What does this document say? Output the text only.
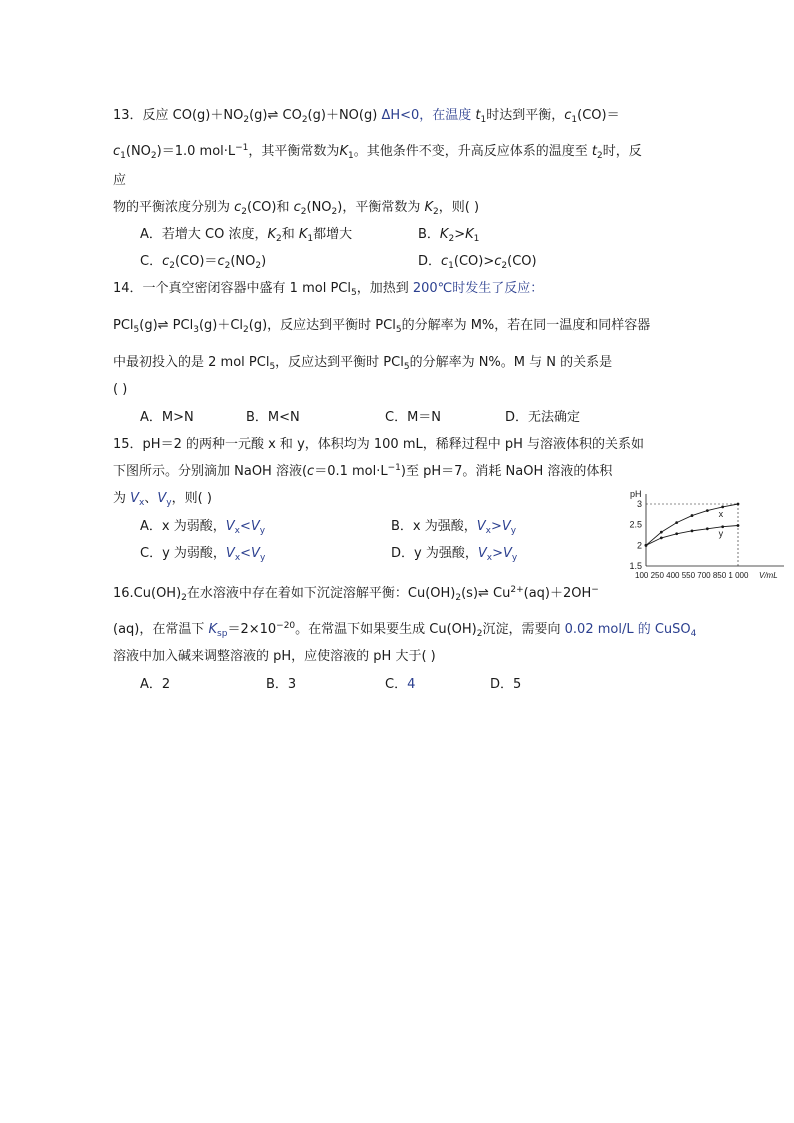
13．反应 $CO(g)+NO_2(g)\rightleftharpoons$ $CO_2(g)+NO(g)$ ΔH<0，在温度 $t_1$时达到平衡，$c_1(CO)=$
$c_1(NO_2)=1.0$ $mol\cdot L^{-1}$，其平衡常数为$K_1$。其他条件不变，升高反应体系的温度至 $t_2$时，反
应
物的平衡浓度分别为 $c_2(CO)$和 $c_2(NO_2)$，平衡常数为 $K_2$，则( )
A．若增大 CO 浓度，$K_2$和 $K_1$都增大	B．$K_2>K_1$
C．$c_2(CO)=c_2(NO_2)$	D．$c_1(CO)>c_2(CO)$
14．一个真空密闭容器中盛有 1 mol PCl$_5$，加热到 200℃时发生了反应：
PCl$_5$(g)⇌ $PCl_3(g)+Cl_2(g)$，反应达到平衡时 PCl$_5$的分解率为 M%，若在同一温度和同样容器
中最初投入的是 2 mol PCl$_5$，反应达到平衡时 PCl$_5$的分解率为 N%。M 与 N 的关系是
( )
A．M>N	B．M<N	C．M＝N	D．无法确定
15．pH＝2 的两种一元酸 x 和 y，体积均为 100 mL，稀释过程中 pH 与溶液体积的关系如
下图所示。分别滴加 NaOH 溶液(c＝0.1 $mol\cdot L^{-1}$)至 pH＝7。消耗 NaOH 溶液的体积
为 $V_x$、$V_y$，则( )
A．x 为弱酸，$V_x<V_y$	B．x 为强酸，$V_x>V_y$
C．y 为弱酸，$V_x<V_y$	D．y 为强酸，$V_x>V_y$
pH
1.5
2
2.5
3
x
y
100 250 400 550 700 850 1 000 V/mL
$16.Cu(OH)_2$在水溶液中存在着如下沉淀溶解平衡：$Cu(OH)_2(s)\rightleftharpoons$ $Cu^{2+}(aq)+2OH^-$
(aq)，在常温下 $K_{sp}=2\times 10^{-20}$。在常温下如果要生成 $Cu(OH)_2$沉淀，需要向 0.02 mol/L 的 CuSO$_4$
溶液中加入碱来调整溶液的 pH，应使溶液的 pH 大于( )
A．2	B．3	C．4	D．5
